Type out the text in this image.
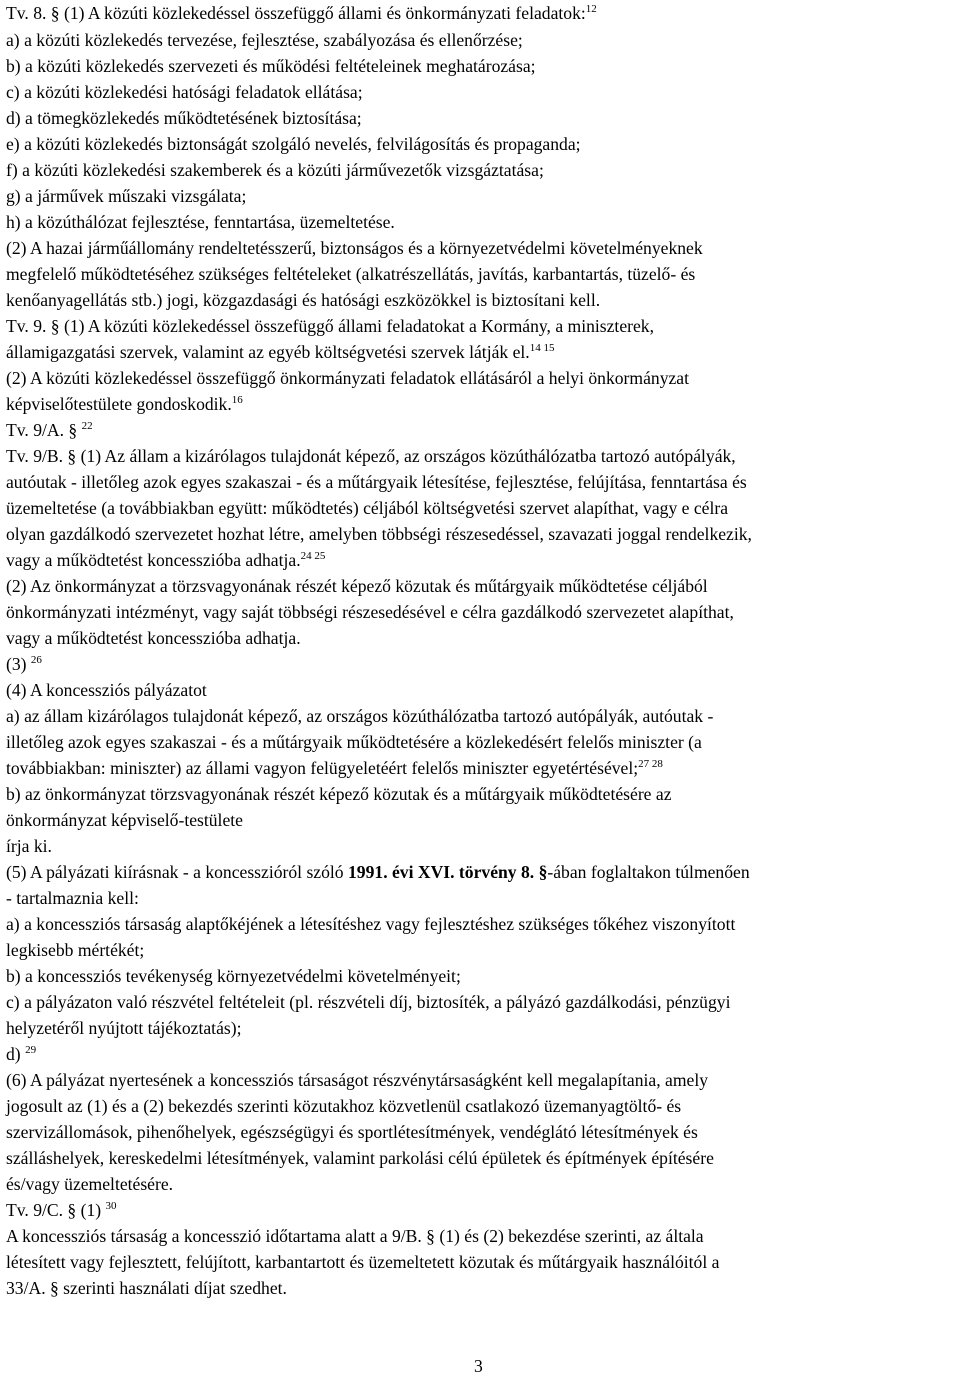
Tv. 8. § (1) A közúti közlekedéssel összefüggő állami és önkormányzati feladatok:$^{12}$
a) a közúti közlekedés tervezése, fejlesztése, szabályozása és ellenőrzése;
b) a közúti közlekedés szervezeti és működési feltételeinek meghatározása;
c) a közúti közlekedési hatósági feladatok ellátása;
d) a tömegközlekedés működtetésének biztosítása;
e) a közúti közlekedés biztonságát szolgáló nevelés, felvilágosítás és propaganda;
f) a közúti közlekedési szakemberek és a közúti járművezetők vizsgáztatása;
g) a járművek műszaki vizsgálata;
h) a közúthálózat fejlesztése, fenntartása, üzemeltetése.
(2) A hazai járműállomány rendeltetésszerű, biztonságos és a környezetvédelmi követelményeknek
megfelelő működtetéséhez szükséges feltételeket (alkatrészellátás, javítás, karbantartás, tüzelő- és
kenőanyagellátás stb.) jogi, közgazdasági és hatósági eszközökkel is biztosítani kell.
Tv. 9. § (1) A közúti közlekedéssel összefüggő állami feladatokat a Kormány, a miniszterek,
államigazgatási szervek, valamint az egyéb költségvetési szervek látják el.$^{14 15}$
(2) A közúti közlekedéssel összefüggő önkormányzati feladatok ellátásáról a helyi önkormányzat
képviselőtestülete gondoskodik.$^{16}$
Tv. 9/A. § $^{22}$
Tv. 9/B. § (1) Az állam a kizárólagos tulajdonát képező, az országos közúthálózatba tartozó autópályák,
autóutak - illetőleg azok egyes szakaszai - és a műtárgyaik létesítése, fejlesztése, felújítása, fenntartása és
üzemeltetése (a továbbiakban együtt: működtetés) céljából költségvetési szervet alapíthat, vagy e célra
olyan gazdálkodó szervezetet hozhat létre, amelyben többségi részesedéssel, szavazati joggal rendelkezik,
vagy a működtetést koncesszióba adhatja.$^{24 25}$
(2) Az önkormányzat a törzsvagyonának részét képező közutak és műtárgyaik működtetése céljából
önkormányzati intézményt, vagy saját többségi részesedésével e célra gazdálkodó szervezetet alapíthat,
vagy a működtetést koncesszióba adhatja.
(3) $^{26}$
(4) A koncessziós pályázatot
a) az állam kizárólagos tulajdonát képező, az országos közúthálózatba tartozó autópályák, autóutak -
illetőleg azok egyes szakaszai - és a műtárgyaik működtetésére a közlekedésért felelős miniszter (a
továbbiakban: miniszter) az állami vagyon felügyeletéért felelős miniszter egyetértésével;$^{27 28}$
b) az önkormányzat törzsvagyonának részét képező közutak és a műtárgyaik működtetésére az
önkormányzat képviselő-testülete
írja ki.
(5) A pályázati kiírásnak - a koncesszióról szóló 1991. évi XVI. törvény 8. §-ában foglaltakon túlmenően
- tartalmaznia kell:
a) a koncessziós társaság alaptőkéjének a létesítéshez vagy fejlesztéshez szükséges tőkéhez viszonyított
legkisebb mértékét;
b) a koncessziós tevékenység környezetvédelmi követelményeit;
c) a pályázaton való részvétel feltételeit (pl. részvételi díj, biztosíték, a pályázó gazdálkodási, pénzügyi
helyzetéről nyújtott tájékoztatás);
d) $^{29}$
(6) A pályázat nyertesének a koncessziós társaságot részvénytársaságként kell megalapítania, amely
jogosult az (1) és a (2) bekezdés szerinti közutakhoz közvetlenül csatlakozó üzemanyagtöltő- és
szervizállomások, pihenőhelyek, egészségügyi és sportlétesítmények, vendéglátó létesítmények és
szálláshelyek, kereskedelmi létesítmények, valamint parkolási célú épületek és építmények építésére
és/vagy üzemeltetésére.
Tv. 9/C. § (1) $^{30}$
A koncessziós társaság a koncesszió időtartama alatt a 9/B. § (1) és (2) bekezdése szerinti, az általa
létesített vagy fejlesztett, felújított, karbantartott és üzemeltetett közutak és műtárgyaik használóitól a
33/A. § szerinti használati díjat szedhet.
3
